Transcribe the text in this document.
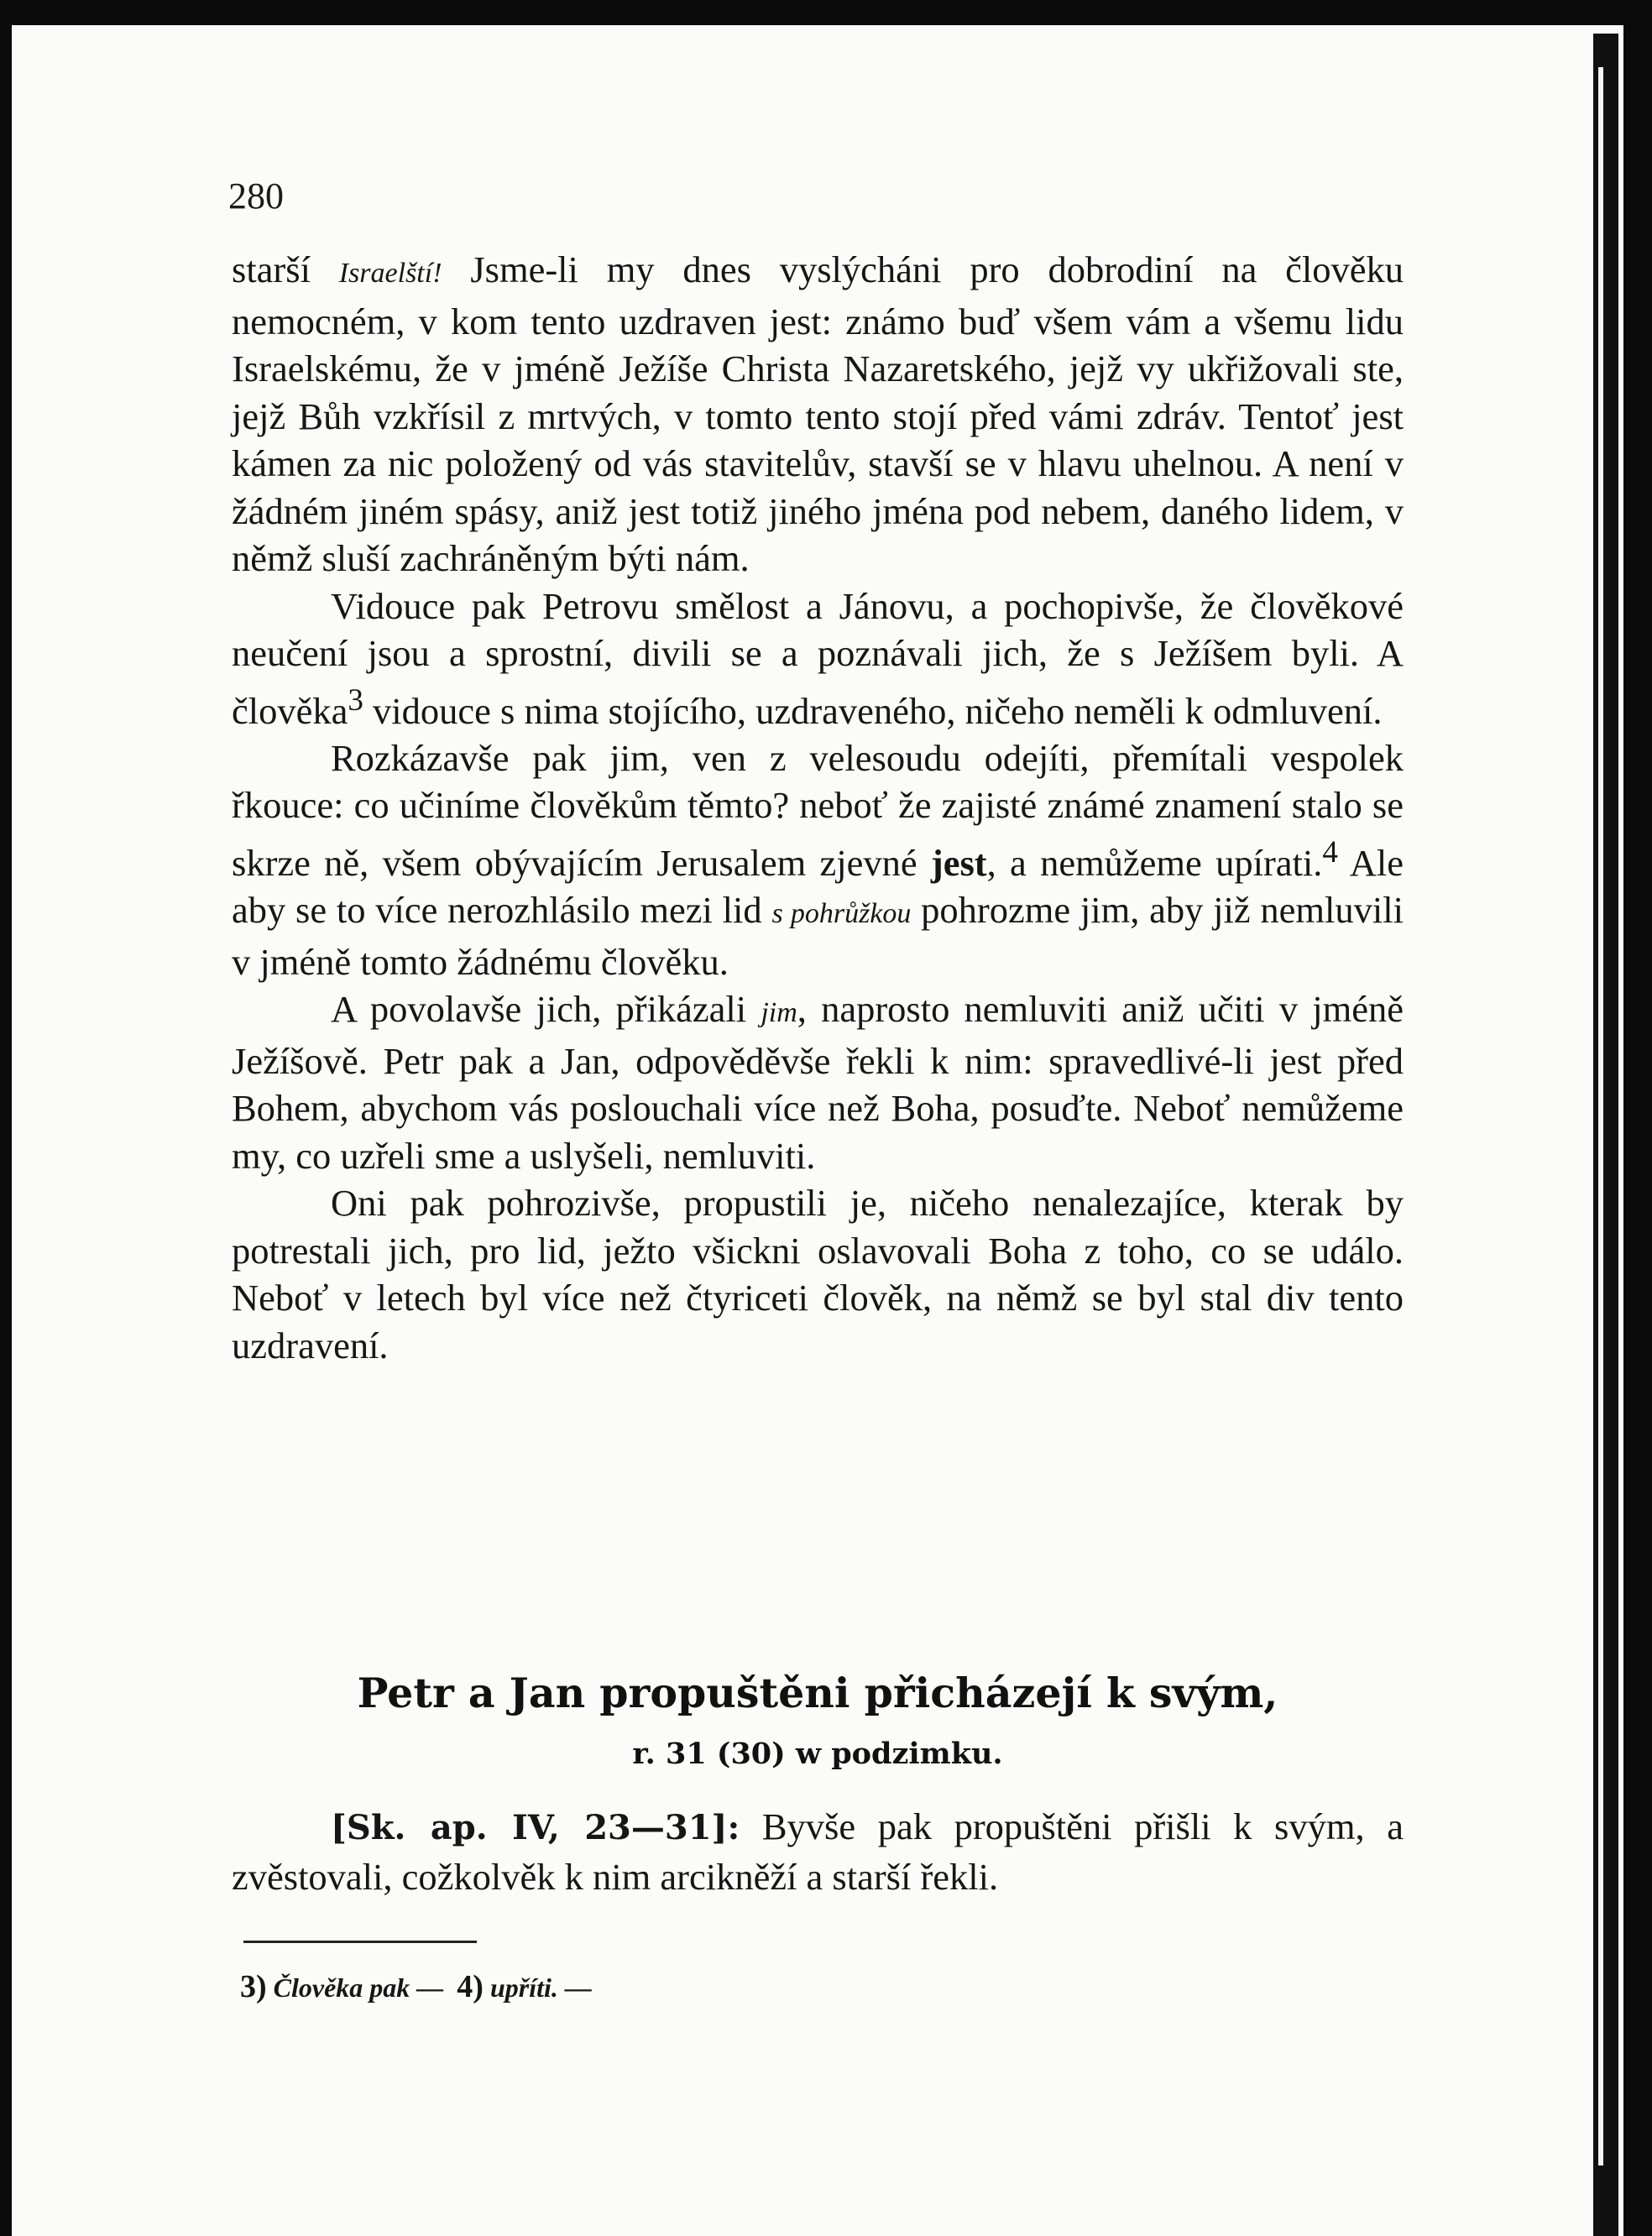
280

starší Israelští! Jsme-li my dnes vyslýcháni pro dobrodiní na člověku nemocném, v kom tento uzdraven jest: známo buď všem vám a všemu lidu Israelskému, že v jméně Ježíše Christa Nazaretského, jejž vy ukřižovali ste, jejž Bůh vzkřísil z mrtvých, v tomto tento stojí před vámi zdráv. Tentoť jest kámen za nic položený od vás stavitelův, stavší se v hlavu uhelnou. A není v žádném jiném spásy, aniž jest totiž jiného jména pod nebem, daného lidem, v němž sluší zachráněným býti nám.

Vidouce pak Petrovu smělost a Jánovu, a pochopivše, že člověkové neučení jsou a sprostní, divili se a poznávali jich, že s Ježíšem byli. A člověka$^3$ vidouce s nima stojícího, uzdraveného, ničeho neměli k odmluvení.

Rozkázavše pak jim, ven z velesoudu odejíti, přemítali vespolek řkouce: co učiníme člověkům těmto? neboť že zajisté známé znamení stalo se skrze ně, všem obývajícím Jerusalem zjevné jest, a nemůžeme upírati.$^4$ Ale aby se to více nerozhlásilo mezi lid s pohrůžkou pohrozme jim, aby již nemluvili v jméně tomto žádnému člověku.

A povolavše jich, přikázali jim, naprosto nemluviti aniž učiti v jméně Ježíšově. Petr pak a Jan, odpověděvše řekli k nim: spravedlivé-li jest před Bohem, abychom vás poslouchali více než Boha, posuďte. Neboť nemůžeme my, co uzřeli sme a uslyšeli, nemluviti.

Oni pak pohrozivše, propustili je, ničeho nenalezajíce, kterak by potrestali jich, pro lid, ježto všickni oslavovali Boha z toho, co se událo. Neboť v letech byl více než čtyriceti člověk, na němž se byl stal div tento uzdravení.

Petr a Jan propuštěni přicházejí k svým,
r. 31 (30) w podzimku.

[Sk. ap. IV, 23—31]: Byvše pak propuštěni přišli k svým, a zvěstovali, cožkolvěk k nim arcikněží a starší řekli.

3) Člověka pak — 4) upříti. —
